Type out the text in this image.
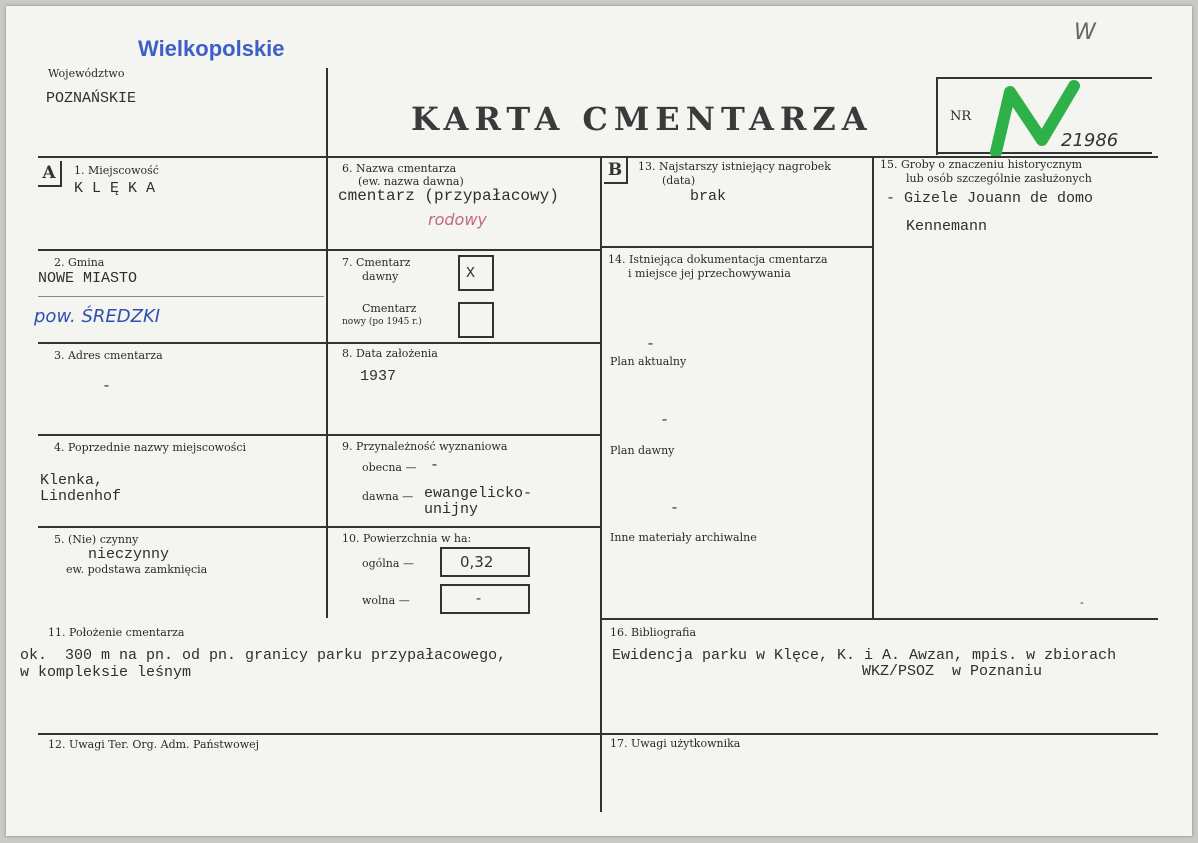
Wielkopolskie
W
Województwo
POZNAŃSKIE
KARTA CMENTARZA	NR
21986
A	1. Miejscowość
K L Ę K A
2. Gmina
NOWE MIASTO
pow. ŚREDZKI
3. Adres cmentarza
-
4. Poprzednie nazwy miejscowości
Klenka,
Lindenhof
5. (Nie) czynny
nieczynny
ew. podstawa zamknięcia
6. Nazwa cmentarza
(ew. nazwa dawna)
cmentarz (przypałacowy)
rodowy
7. Cmentarz
dawny	X
Cmentarz
nowy (po 1945 r.)
8. Data założenia
1937
9. Przynależność wyznaniowa
obecna — -
dawna — ewangelicko-
unijny
10. Powierzchnia w ha:
ogólna —	0,32
wolna —	-
11. Położenie cmentarza
ok.  300 m na pn. od pn. granicy parku przypałacowego,
w kompleksie leśnym
12. Uwagi Ter. Org. Adm. Państwowej
B	13. Najstarszy istniejący nagrobek
(data)
brak
14. Istniejąca dokumentacja cmentarza
i miejsce jej przechowywania
-
Plan aktualny
-
Plan dawny
-
Inne materiały archiwalne
15. Groby o znaczeniu historycznym
lub osób szczególnie zasłużonych
- Gizele Jouann de domo
Kennemann
-
16. Bibliografia
Ewidencja parku w Klęce, K. i A. Awzan, mpis. w zbiorach
WKZ/PSOZ  w Poznaniu
17. Uwagi użytkownika
